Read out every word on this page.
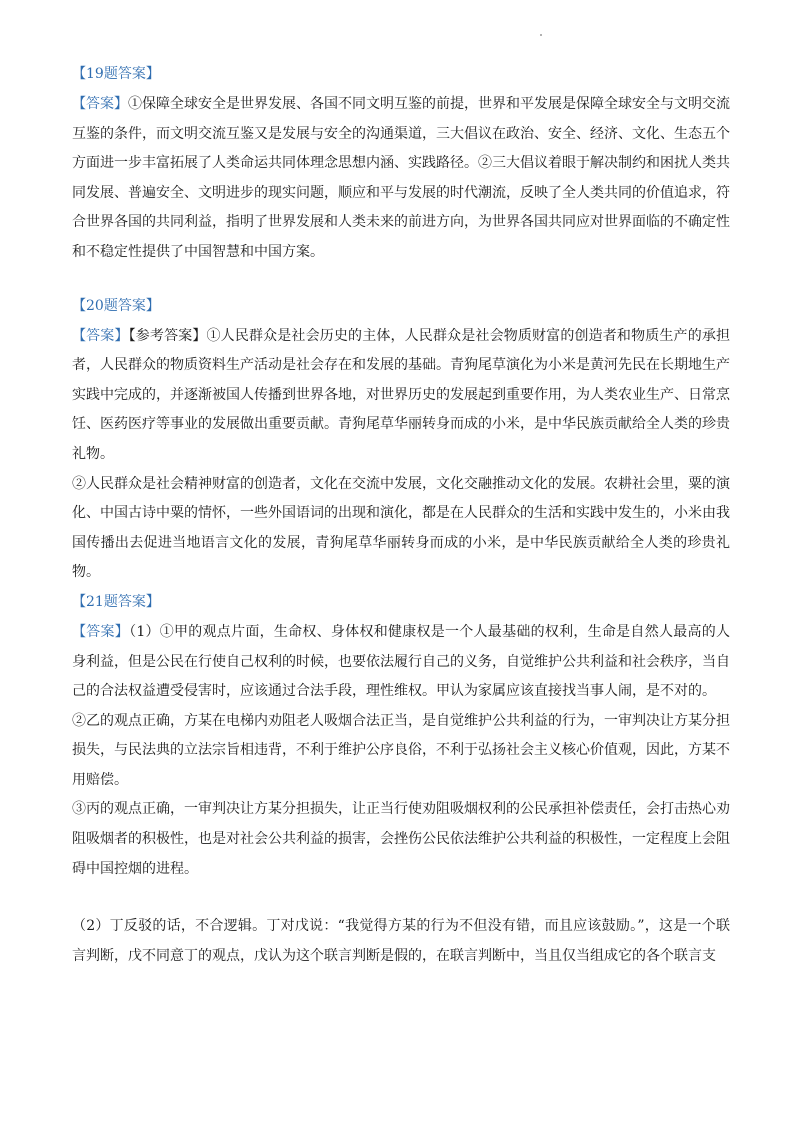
【19题答案】

【答案】①保障全球安全是世界发展、各国不同文明互鉴的前提，世界和平发展是保障全球安全与文明交流互鉴的条件，而文明交流互鉴又是发展与安全的沟通渠道，三大倡议在政治、安全、经济、文化、生态五个方面进一步丰富拓展了人类命运共同体理念思想内涵、实践路径。②三大倡议着眼于解决制约和困扰人类共同发展、普遍安全、文明进步的现实问题，顺应和平与发展的时代潮流，反映了全人类共同的价值追求，符合世界各国的共同利益，指明了世界发展和人类未来的前进方向，为世界各国共同应对世界面临的不确定性和不稳定性提供了中国智慧和中国方案。

【20题答案】

【答案】【参考答案】①人民群众是社会历史的主体，人民群众是社会物质财富的创造者和物质生产的承担者，人民群众的物质资料生产活动是社会存在和发展的基础。青狗尾草演化为小米是黄河先民在长期地生产实践中完成的，并逐渐被国人传播到世界各地，对世界历史的发展起到重要作用，为人类农业生产、日常烹饪、医药医疗等事业的发展做出重要贡献。青狗尾草华丽转身而成的小米，是中华民族贡献给全人类的珍贵礼物。

②人民群众是社会精神财富的创造者，文化在交流中发展，文化交融推动文化的发展。农耕社会里，粟的演化、中国古诗中粟的情怀，一些外国语词的出现和演化，都是在人民群众的生活和实践中发生的，小米由我国传播出去促进当地语言文化的发展，青狗尾草华丽转身而成的小米，是中华民族贡献给全人类的珍贵礼物。

【21题答案】

【答案】（1）①甲的观点片面，生命权、身体权和健康权是一个人最基础的权利，生命是自然人最高的人身利益，但是公民在行使自己权利的时候，也要依法履行自己的义务，自觉维护公共利益和社会秩序，当自己的合法权益遭受侵害时，应该通过合法手段，理性维权。甲认为家属应该直接找当事人闹，是不对的。

②乙的观点正确，方某在电梯内劝阻老人吸烟合法正当，是自觉维护公共利益的行为，一审判决让方某分担损失，与民法典的立法宗旨相违背，不利于维护公序良俗，不利于弘扬社会主义核心价值观，因此，方某不用赔偿。

③丙的观点正确，一审判决让方某分担损失，让正当行使劝阻吸烟权利的公民承担补偿责任，会打击热心劝阻吸烟者的积极性，也是对社会公共利益的损害，会挫伤公民依法维护公共利益的积极性，一定程度上会阻碍中国控烟的进程。

（2）丁反驳的话，不合逻辑。丁对戊说：“我觉得方某的行为不但没有错，而且应该鼓励。”，这是一个联言判断，戊不同意丁的观点，戊认为这个联言判断是假的，在联言判断中，当且仅当组成它的各个联言支
